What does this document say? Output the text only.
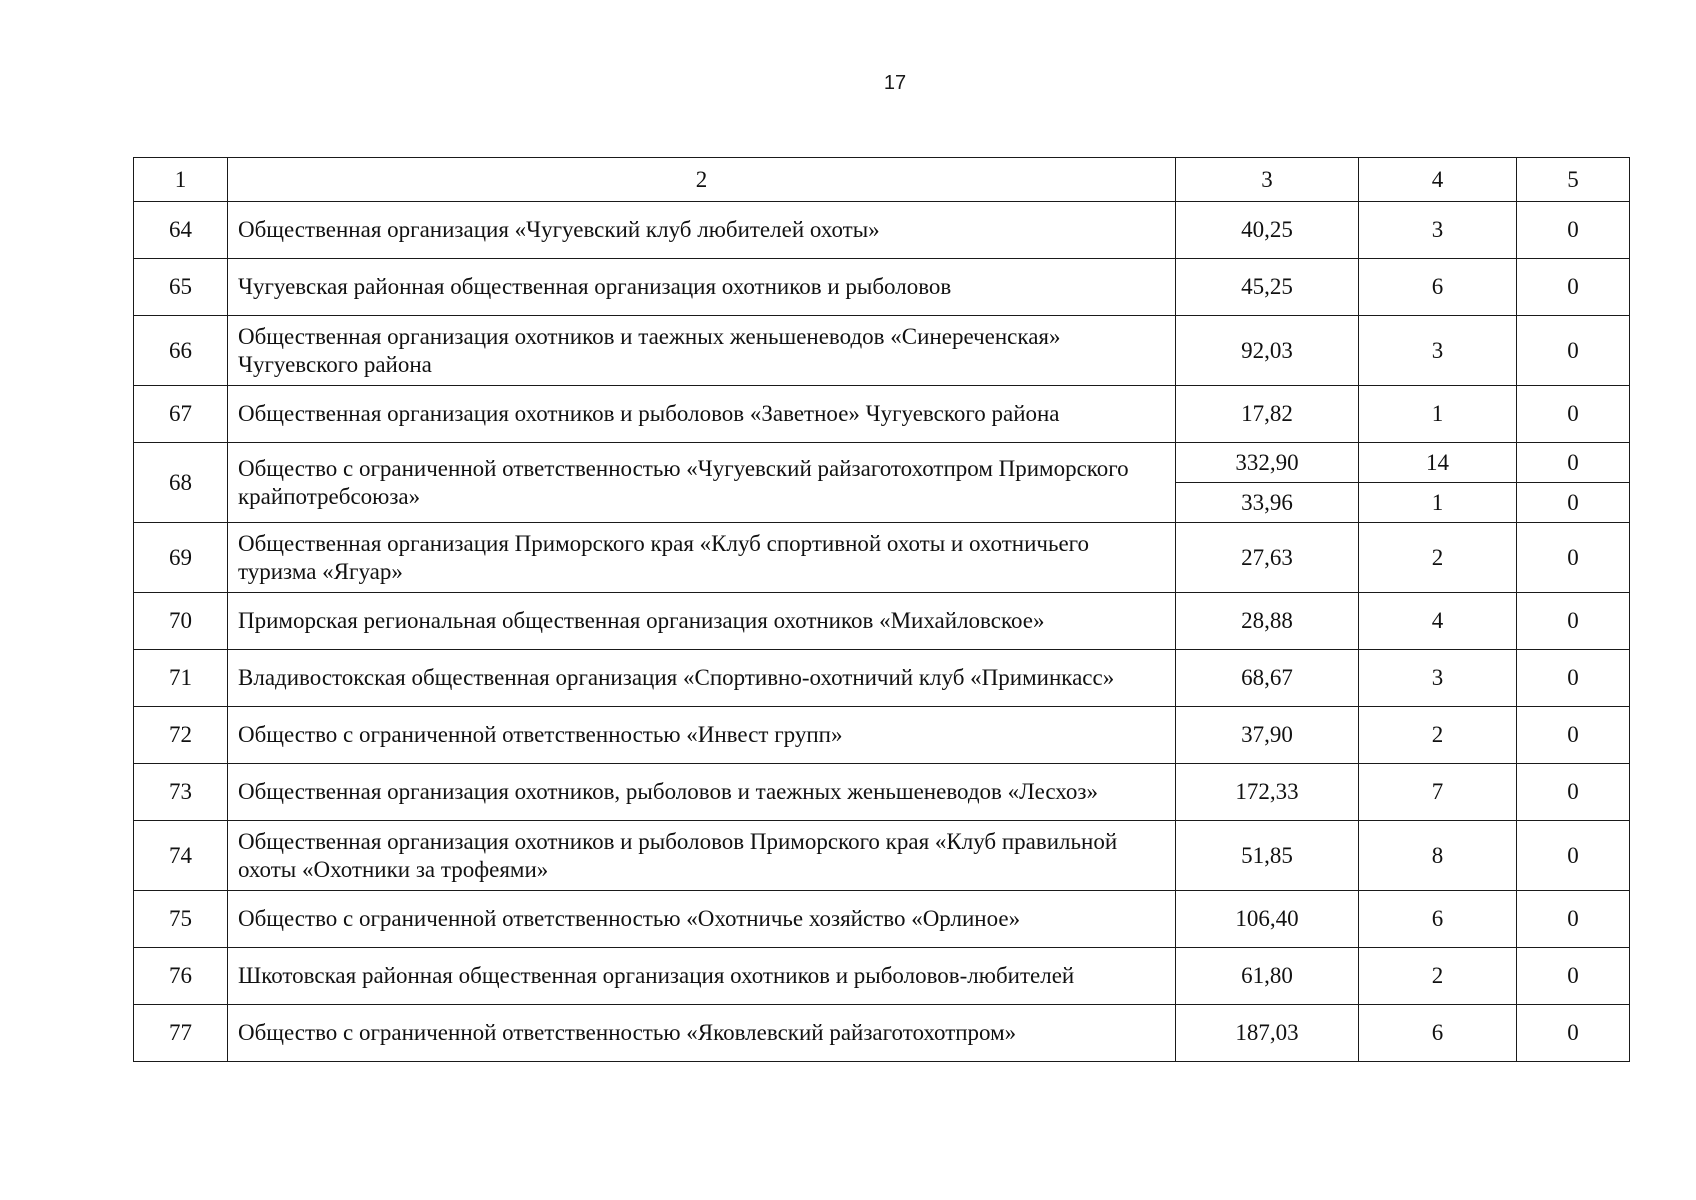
17
1	2	3	4	5
64	Общественная организация «Чугуевский клуб любителей охоты»	40,25	3	0
65	Чугуевская районная общественная организация охотников и рыболовов	45,25	6	0
66	Общественная организация охотников и таежных женьшеневодов «Синереченская» Чугуевского района	92,03	3	0
67	Общественная организация охотников и рыболовов «Заветное» Чугуевского района	17,82	1	0
68	Общество с ограниченной ответственностью «Чугуевский райзаготохотпром Приморского крайпотребсоюза»	332,90	14	0
		33,96	1	0
69	Общественная организация Приморского края «Клуб спортивной охоты и охотничьего туризма «Ягуар»	27,63	2	0
70	Приморская региональная общественная организация охотников «Михайловское»	28,88	4	0
71	Владивостокская общественная организация «Спортивно-охотничий клуб «Приминкасс»	68,67	3	0
72	Общество с ограниченной ответственностью «Инвест групп»	37,90	2	0
73	Общественная организация охотников, рыболовов и таежных женьшеневодов «Лесхоз»	172,33	7	0
74	Общественная организация охотников и рыболовов Приморского края «Клуб правильной охоты «Охотники за трофеями»	51,85	8	0
75	Общество с ограниченной ответственностью «Охотничье хозяйство «Орлиное»	106,40	6	0
76	Шкотовская районная общественная организация охотников и рыболовов-любителей	61,80	2	0
77	Общество с ограниченной ответственностью «Яковлевский райзаготохотпром»	187,03	6	0
